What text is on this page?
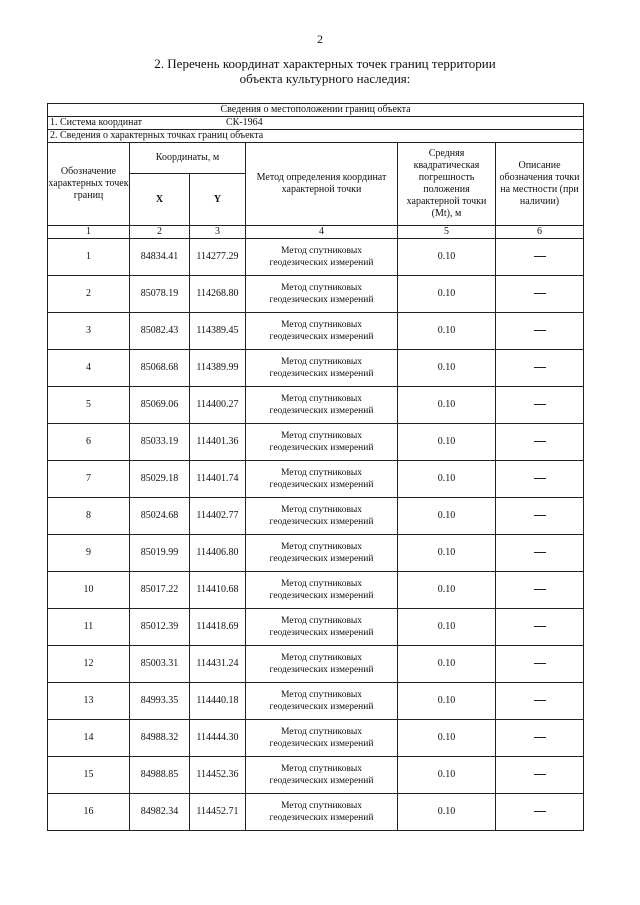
2
2. Перечень координат характерных точек границ территории
объекта культурного наследия:
Сведения о местоположении границ объекта					
1. Система координат СК-1964					

2. Сведения о характерных точках границ объекта					
Обозначение характерных точек границ	Координаты, м		Метод определения координат характерной точки	Средняя квадратическая погрешность положения характерной точки (Mt), м	Описание обозначения точки на местности (при наличии)
	X	Y			
1	2	3	4	5	6
1	84834.41	114277.29	Метод спутниковых
геодезических измерений	0.10	
2	85078.19	114268.80	Метод спутниковых
геодезических измерений	0.10	
3	85082.43	114389.45	Метод спутниковых
геодезических измерений	0.10	
4	85068.68	114389.99	Метод спутниковых
геодезических измерений	0.10	
5	85069.06	114400.27	Метод спутниковых
геодезических измерений	0.10	
6	85033.19	114401.36	Метод спутниковых
геодезических измерений	0.10	
7	85029.18	114401.74	Метод спутниковых
геодезических измерений	0.10	
8	85024.68	114402.77	Метод спутниковых
геодезических измерений	0.10	
9	85019.99	114406.80	Метод спутниковых
геодезических измерений	0.10	
10	85017.22	114410.68	Метод спутниковых
геодезических измерений	0.10	
11	85012.39	114418.69	Метод спутниковых
геодезических измерений	0.10	
12	85003.31	114431.24	Метод спутниковых
геодезических измерений	0.10	
13	84993.35	114440.18	Метод спутниковых
геодезических измерений	0.10	
14	84988.32	114444.30	Метод спутниковых
геодезических измерений	0.10	
15	84988.85	114452.36	Метод спутниковых
геодезических измерений	0.10	
16	84982.34	114452.71	Метод спутниковых
геодезических измерений	0.10	
